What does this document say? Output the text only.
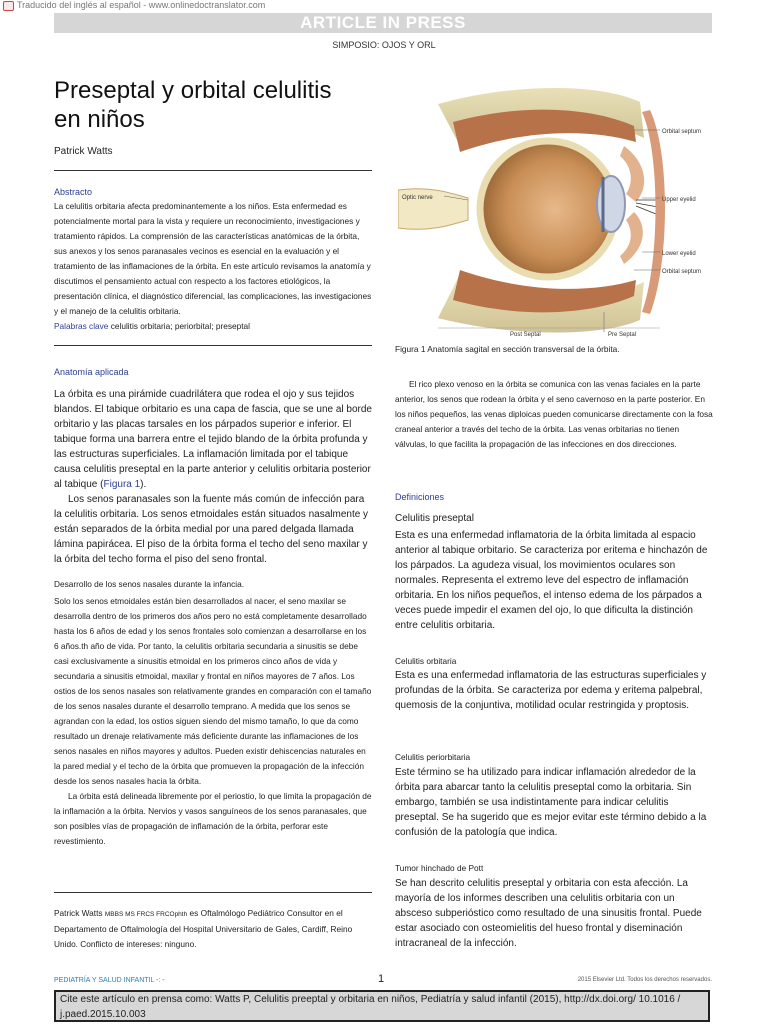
Traducido del inglés al español - www.onlinedoctranslator.com
ARTICLE IN PRESS
SIMPOSIO: OJOS Y ORL
Preseptal y orbital celulitis en niños
Patrick Watts
Abstracto
La celulitis orbitaria afecta predominantemente a los niños. Esta enfermedad es potencialmente mortal para la vista y requiere un reconocimiento, investigaciones y tratamiento rápidos. La comprensión de las características anatómicas de la órbita, sus anexos y los senos paranasales vecinos es esencial en la evaluación y el tratamiento de las inflamaciones de la órbita. En este artículo revisamos la anatomía y discutimos el pensamiento actual con respecto a los factores etiológicos, la presentación clínica, el diagnóstico diferencial, las complicaciones, las investigaciones y el manejo de la celulitis orbitaria.
Palabras clave celulitis orbitaria; periorbital; preseptal
Anatomía aplicada

La órbita es una pirámide cuadrilátera que rodea el ojo y sus tejidos blandos. El tabique orbitario es una capa de fascia, que se une al borde orbitario y las placas tarsales en los párpados superior e inferior. El tabique forma una barrera entre el tejido blando de la órbita profunda y las estructuras superficiales. La inflamación limitada por el tabique causa celulitis preseptal en la parte anterior y celulitis orbitaria posterior al tabique (Figura 1).

Los senos paranasales son la fuente más común de infección para la celulitis orbitaria. Los senos etmoidales están situados nasalmente y están separados de la órbita medial por una pared delgada llamada lámina papirácea. El piso de la órbita forma el techo del seno maxilar y la órbita del techo forma el piso del seno frontal.

Desarrollo de los senos nasales durante la infancia.

Solo los senos etmoidales están bien desarrollados al nacer, el seno maxilar se desarrolla dentro de los primeros dos años pero no está completamente desarrollado hasta los 6 años de edad y los senos frontales solo comienzan a desarrollarse en los 6 años.th año de vida. Por tanto, la celulitis orbitaria secundaria a sinusitis se debe casi exclusivamente a sinusitis etmoidal en los primeros cinco años de vida y secundaria a sinusitis etmoidal, maxilar y frontal en niños mayores de 7 años. Los ostios de los senos nasales son relativamente grandes en comparación con el tamaño de los senos nasales durante el desarrollo temprano. A medida que los senos se agrandan con la edad, los ostios siguen siendo del mismo tamaño, lo que da como resultado un drenaje relativamente más deficiente durante las inflamaciones de los senos nasales en niños mayores y adultos. Pueden existir dehiscencias naturales en la pared medial y el techo de la órbita que promueven la propagación de la infección desde los senos nasales hacia la órbita.

La órbita está delineada libremente por el periostio, lo que limita la propagación de la inflamación a la órbita. Nervios y vasos sanguíneos de los senos paranasales, que son posibles vías de propagación de inflamación de la órbita, perforar este revestimiento.

Patrick Watts MBBS MS FRCS FRCOphth es Oftalmólogo Pediátrico Consultor en el Departamento de Oftalmología del Hospital Universitario de Gales, Cardiff, Reino Unido. Conflicto de intereses: ninguno.
Orbital septum
Optic nerve	Upper eyelid
Lower eyelid
Orbital septum
Post Septal	Pre Septal
Figura 1 Anatomía sagital en sección transversal de la órbita.
El rico plexo venoso en la órbita se comunica con las venas faciales en la parte anterior, los senos que rodean la órbita y el seno cavernoso en la parte posterior. En los niños pequeños, las venas diploicas pueden comunicarse directamente con la fosa craneal anterior a través del techo de la órbita. Las venas orbitarias no tienen válvulas, lo que facilita la propagación de las infecciones en dos direcciones.
Definiciones
Celulitis preseptal
Esta es una enfermedad inflamatoria de la órbita limitada al espacio anterior al tabique orbitario. Se caracteriza por eritema e hinchazón de los párpados. La agudeza visual, los movimientos oculares son normales. Representa el extremo leve del espectro de inflamación orbitaria. En los niños pequeños, el intenso edema de los párpados a veces puede impedir el examen del ojo, lo que dificulta la distinción entre celulitis orbitaria.
Celulitis orbitaria
Esta es una enfermedad inflamatoria de las estructuras superficiales y profundas de la órbita. Se caracteriza por edema y eritema palpebral, quemosis de la conjuntiva, motilidad ocular restringida y proptosis.
Celulitis periorbitaria
Este término se ha utilizado para indicar inflamación alrededor de la órbita para abarcar tanto la celulitis preseptal como la orbitaria. Sin embargo, también se usa indistintamente para indicar celulitis preseptal. Se ha sugerido que es mejor evitar este término debido a la confusión de la patología que indica.
Tumor hinchado de Pott
Se han descrito celulitis preseptal y orbitaria con esta afección. La mayoría de los informes describen una celulitis orbitaria con un absceso subperióstico como resultado de una sinusitis frontal. Puede estar asociado con osteomielitis del hueso frontal y diseminación intracraneal de la infección.
PEDIATRÍA Y SALUD INFANTIL -: -	1	2015 Elsevier Ltd. Todos los derechos reservados.
Cite este artículo en prensa como: Watts P, Celulitis preeptal y orbitaria en niños, Pediatría y salud infantil (2015), http://dx.doi.org/ 10.1016 / j.paed.2015.10.003
